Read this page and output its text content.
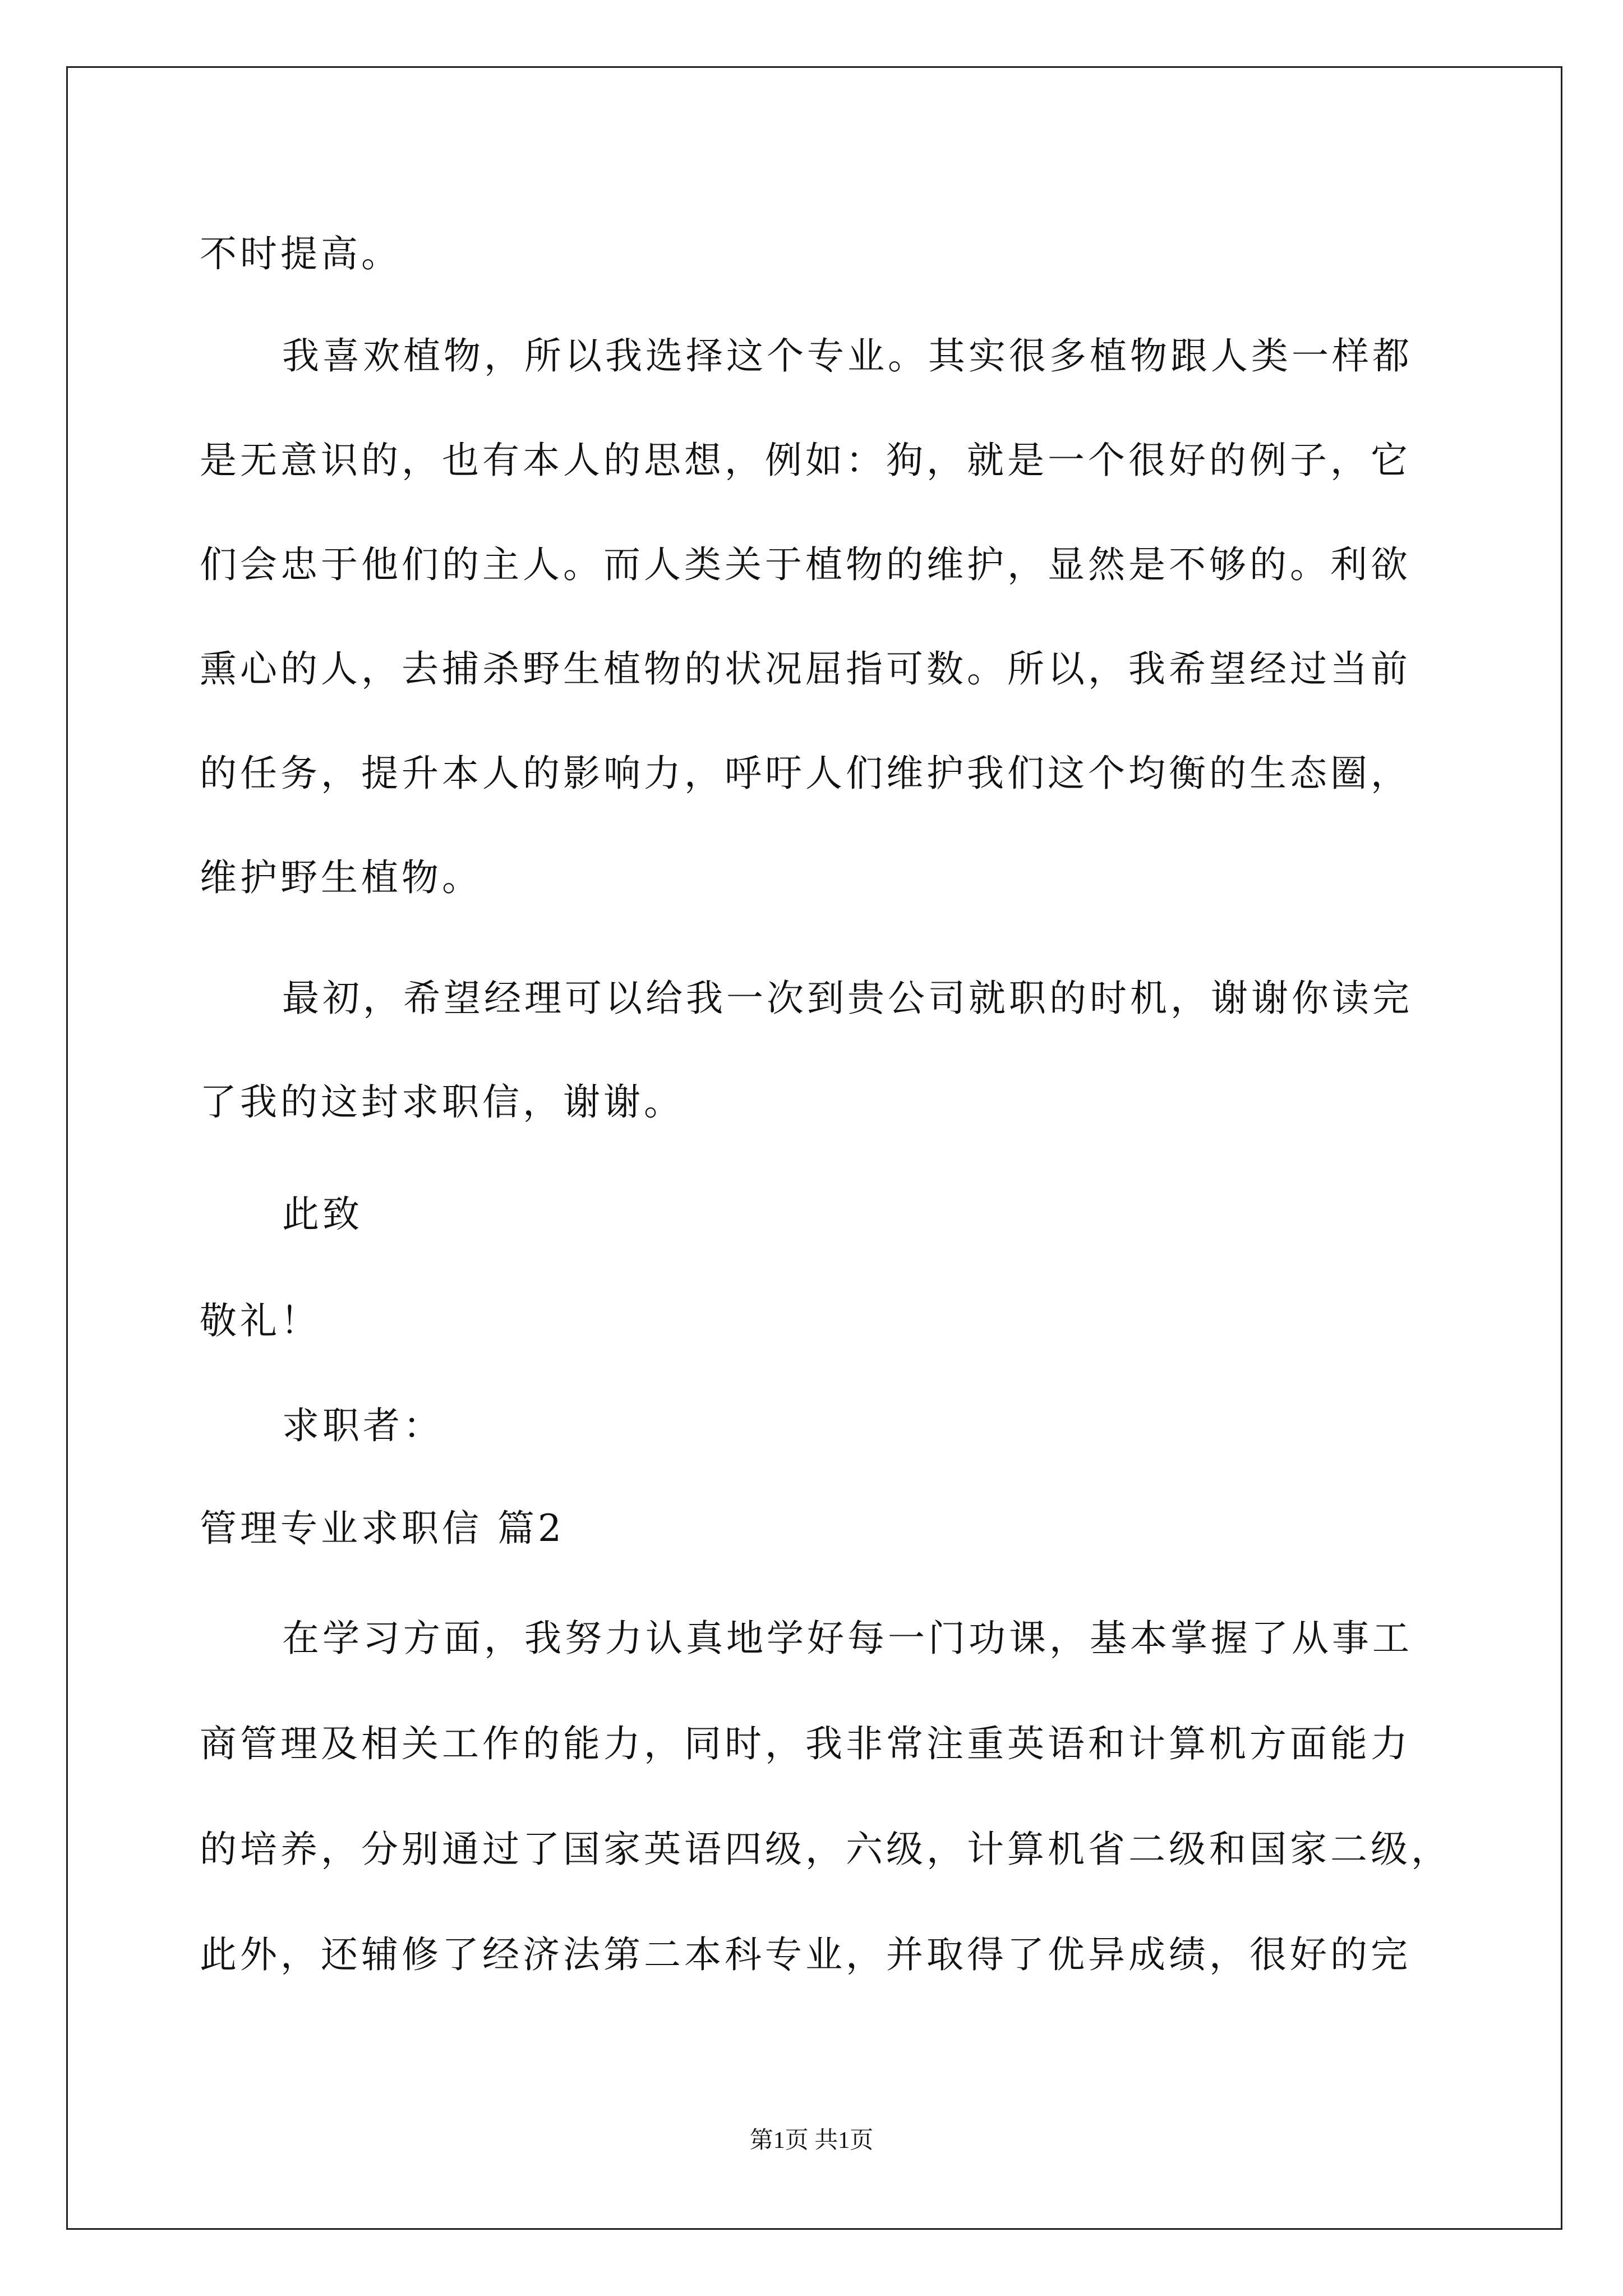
不时提高。

我喜欢植物，所以我选择这个专业。其实很多植物跟人类一样都

是无意识的，也有本人的思想，例如：狗，就是一个很好的例子，它

们会忠于他们的主人。而人类关于植物的维护，显然是不够的。利欲

熏心的人，去捕杀野生植物的状况屈指可数。所以，我希望经过当前

的任务，提升本人的影响力，呼吁人们维护我们这个均衡的生态圈，

维护野生植物。

最初，希望经理可以给我一次到贵公司就职的时机，谢谢你读完

了我的这封求职信，谢谢。

此致

敬礼！

求职者：

管理专业求职信 篇2

在学习方面，我努力认真地学好每一门功课，基本掌握了从事工

商管理及相关工作的能力，同时，我非常注重英语和计算机方面能力

的培养，分别通过了国家英语四级，六级，计算机省二级和国家二级，

此外，还辅修了经济法第二本科专业，并取得了优异成绩，很好的完

第1页 共1页
